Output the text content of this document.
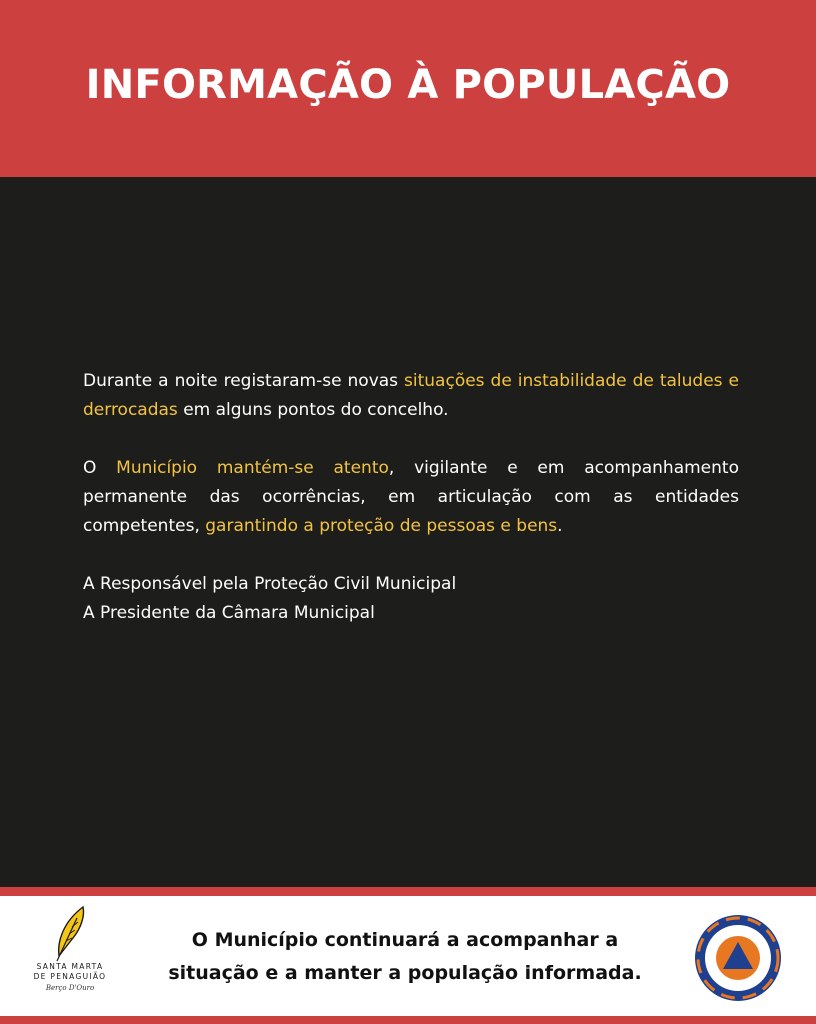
INFORMAÇÃO À POPULAÇÃO

Durante a noite registaram-se novas situações de instabilidade de taludes e derrocadas em alguns pontos do concelho.

O Município mantém-se atento, vigilante e em acompanhamento permanente das ocorrências, em articulação com as entidades competentes, garantindo a proteção de pessoas e bens.

A Responsável pela Proteção Civil Municipal

A Presidente da Câmara Municipal

SANTA MARTA
DE PENAGUIÃO
Berço D'Ouro
O Município continuará a acompanhar a
situação e a manter a população informada.
